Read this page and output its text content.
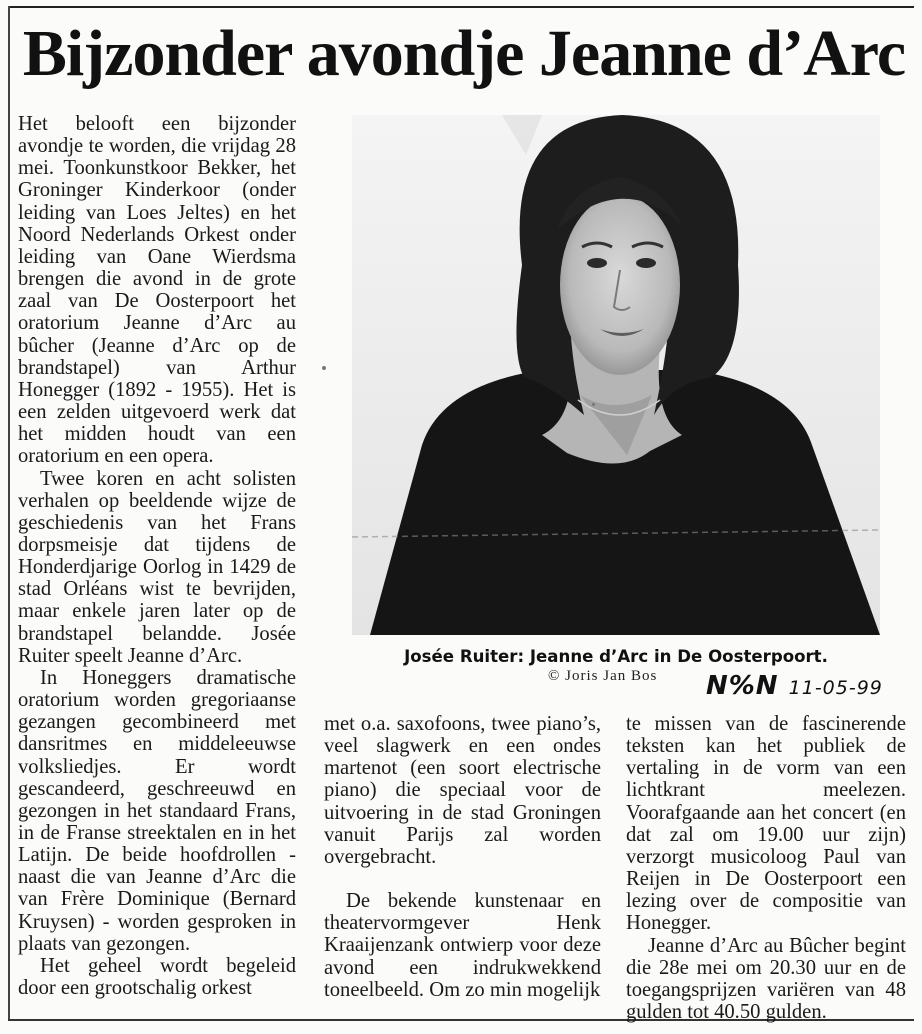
Bijzonder avondje Jeanne d’Arc

Het belooft een bijzonder avondje te worden, die vrijdag 28 mei. Toonkunstkoor Bekker, het Groninger Kinderkoor (onder leiding van Loes Jeltes) en het Noord Nederlands Orkest onder leiding van Oane Wierdsma brengen die avond in de grote zaal van De Oosterpoort het oratorium Jeanne d’Arc au bûcher (Jeanne d’Arc op de brandstapel) van Arthur Honegger (1892 - 1955). Het is een zelden uitgevoerd werk dat het midden houdt van een oratorium en een opera.

Twee koren en acht solisten verhalen op beeldende wijze de geschiedenis van het Frans dorpsmeisje dat tijdens de Honderdjarige Oorlog in 1429 de stad Orléans wist te bevrijden, maar enkele jaren later op de brandstapel belandde. Josée Ruiter speelt Jeanne d’Arc.

In Honeggers dramatische oratorium worden gregoriaanse gezangen gecombineerd met dansritmes en middeleeuwse volksliedjes. Er wordt gescandeerd, geschreeuwd en gezongen in het standaard Frans, in de Franse streektalen en in het Latijn. De beide hoofdrollen - naast die van Jeanne d’Arc die van Frère Dominique (Bernard Kruysen) - worden gesproken in plaats van gezongen.

Het geheel wordt begeleid door een grootschalig orkest

met o.a. saxofoons, twee piano’s, veel slagwerk en een ondes martenot (een soort electrische piano) die speciaal voor de uitvoering in de stad Groningen vanuit Parijs zal worden overgebracht.

De bekende kunstenaar en theatervormgever Henk Kraaijenzank ontwierp voor deze avond een indrukwekkend toneelbeeld. Om zo min mogelijk

te missen van de fascinerende teksten kan het publiek de vertaling in de vorm van een lichtkrant meelezen. Voorafgaande aan het concert (en dat zal om 19.00 uur zijn) verzorgt musicoloog Paul van Reijen in De Oosterpoort een lezing over de compositie van Honegger.

Jeanne d’Arc au Bûcher begint die 28e mei om 20.30 uur en de toegangsprijzen variëren van 48 gulden tot 40.50 gulden.

Josée Ruiter: Jeanne d’Arc in De Oosterpoort.
© Joris Jan Bos	N%N 11-05-99
